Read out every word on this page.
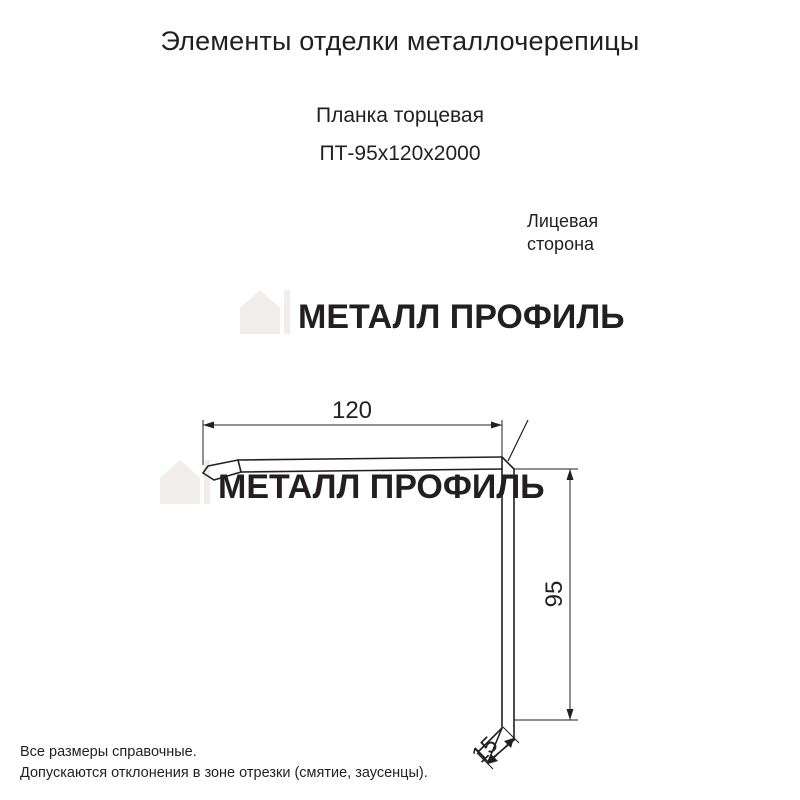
Элементы отделки металлочерепицы
Планка торцевая
ПТ-95x120x2000
МЕТАЛЛ ПРОФИЛЬ
МЕТАЛЛ ПРОФИЛЬ
120
95
15
Лицевая
сторона
Все размеры справочные.
Допускаются отклонения в зоне отрезки (смятие, заусенцы).
